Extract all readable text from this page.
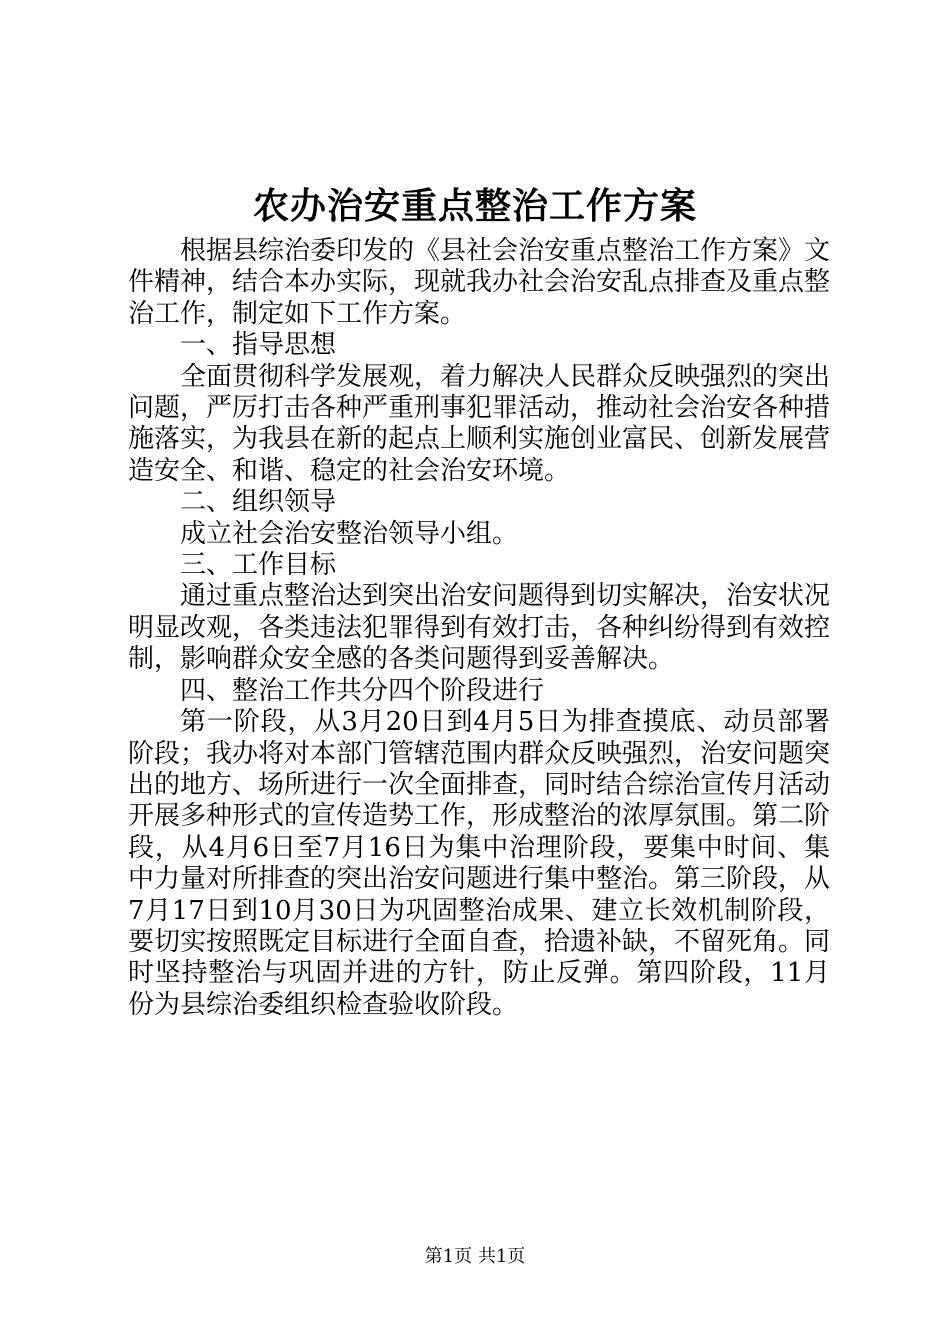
农办治安重点整治工作方案

根据县综治委印发的《县社会治安重点整治工作方案》文件精神，结合本办实际，现就我办社会治安乱点排查及重点整治工作，制定如下工作方案。

一、指导思想

全面贯彻科学发展观，着力解决人民群众反映强烈的突出问题，严厉打击各种严重刑事犯罪活动，推动社会治安各种措施落实，为我县在新的起点上顺利实施创业富民、创新发展营造安全、和谐、稳定的社会治安环境。

二、组织领导

成立社会治安整治领导小组。

三、工作目标

通过重点整治达到突出治安问题得到切实解决，治安状况明显改观，各类违法犯罪得到有效打击，各种纠纷得到有效控制，影响群众安全感的各类问题得到妥善解决。

四、整治工作共分四个阶段进行

第一阶段，从3月20日到4月5日为排查摸底、动员部署阶段；我办将对本部门管辖范围内群众反映强烈，治安问题突出的地方、场所进行一次全面排查，同时结合综治宣传月活动开展多种形式的宣传造势工作，形成整治的浓厚氛围。第二阶段，从4月6日至7月16日为集中治理阶段，要集中时间、集中力量对所排查的突出治安问题进行集中整治。第三阶段，从7月17日到10月30日为巩固整治成果、建立长效机制阶段，要切实按照既定目标进行全面自查，拾遗补缺，不留死角。同时坚持整治与巩固并进的方针，防止反弹。第四阶段，11月份为县综治委组织检查验收阶段。

第1页 共1页
